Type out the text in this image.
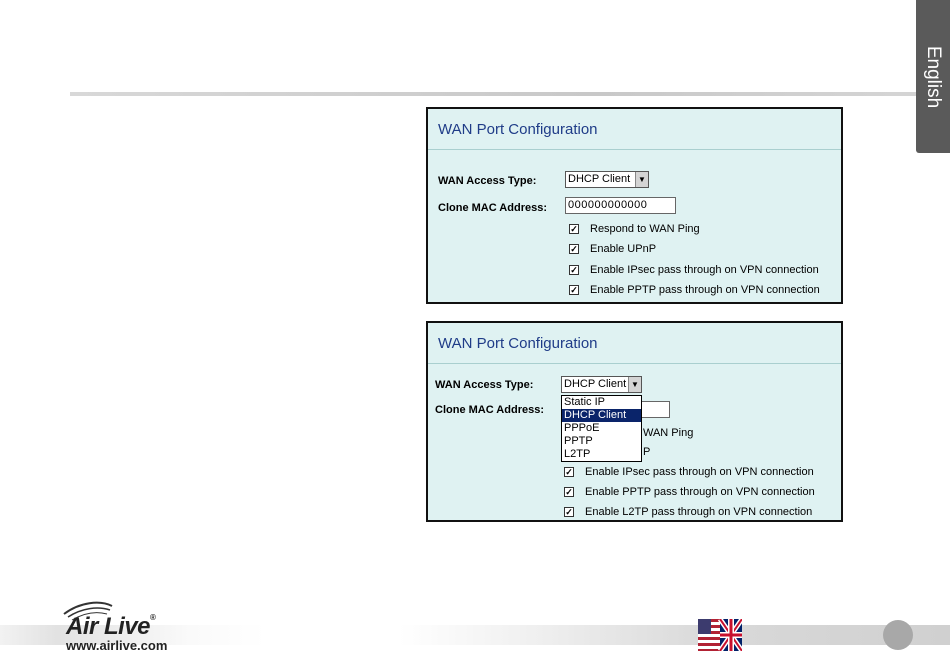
English
WAN Port Configuration
WAN Access Type:	DHCP Client ▼
Clone MAC Address: 000000000000
✓ Respond to WAN Ping
✓ Enable UPnP
✓ Enable IPsec pass through on VPN connection
✓ Enable PPTP pass through on VPN connection
WAN Port Configuration
WAN Access Type:	DHCP Client ▼
Clone MAC Address:
WAN Ping
P
✓ Enable IPsec pass through on VPN connection
✓ Enable PPTP pass through on VPN connection
✓ Enable L2TP pass through on VPN connection
Static IP
DHCP Client
PPPoE
PPTP
L2TP
Air Live®
www.airlive.com
